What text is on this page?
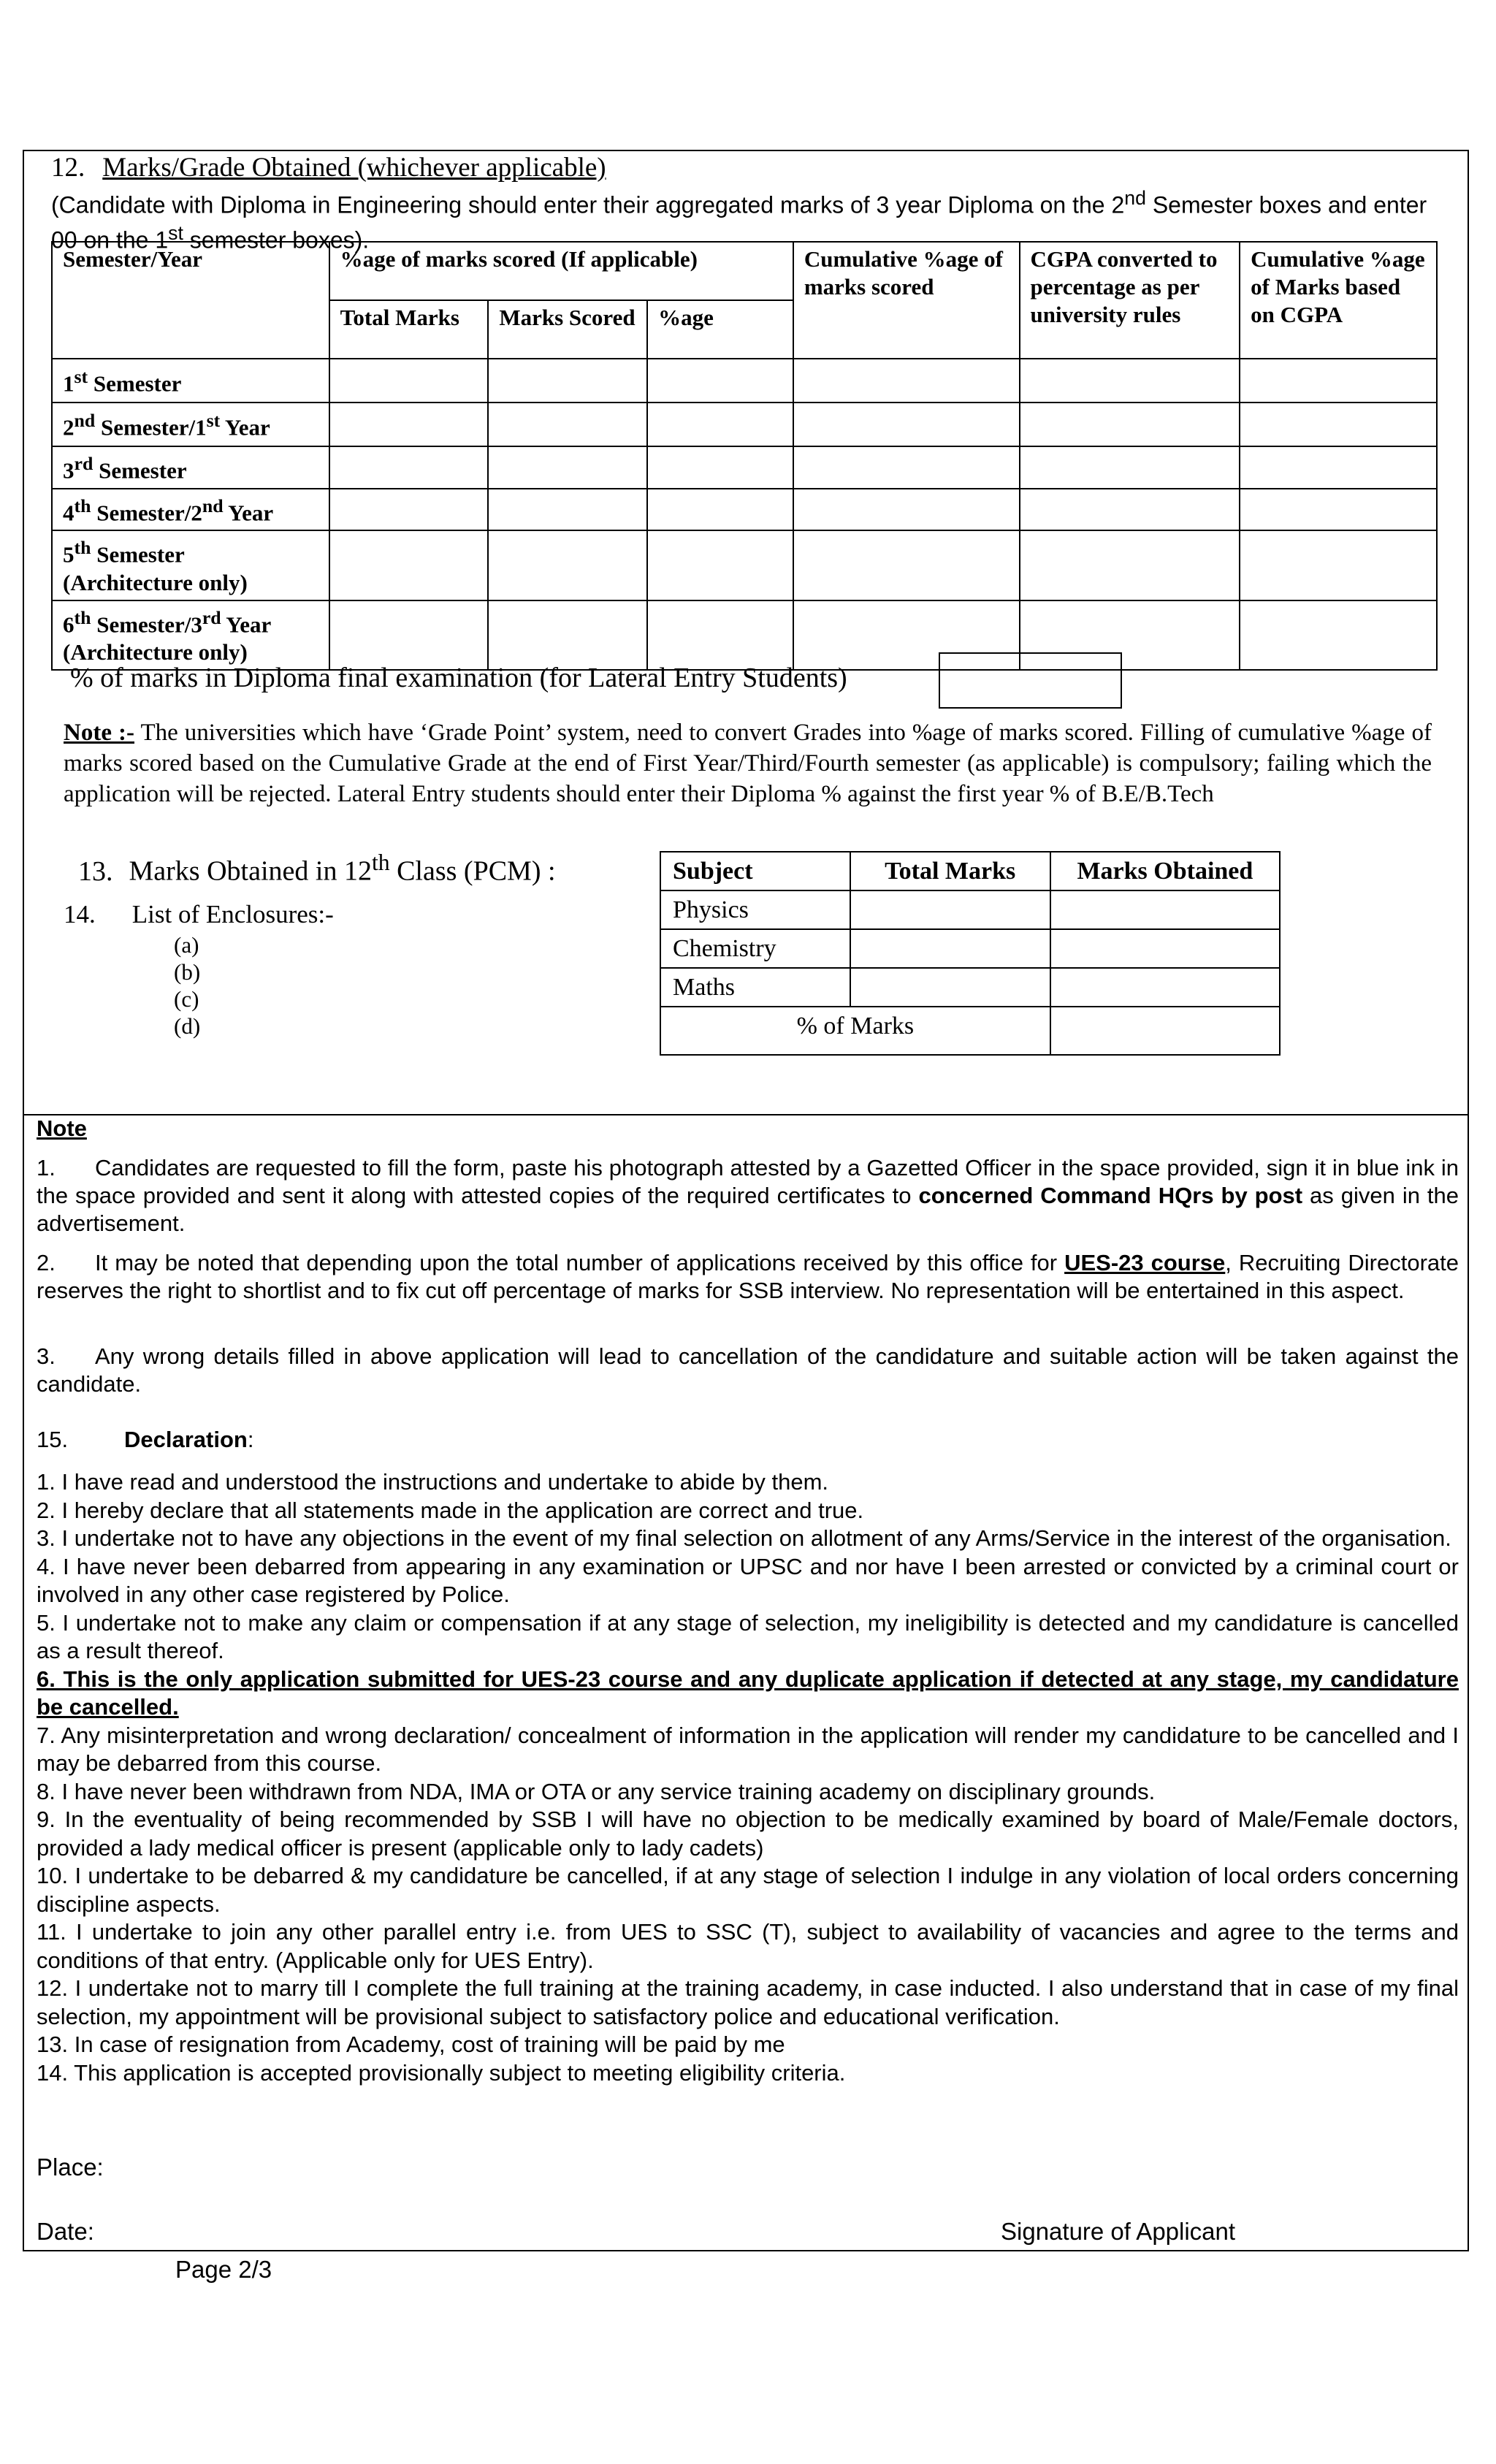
12. Marks/Grade Obtained (whichever applicable)
(Candidate with Diploma in Engineering should enter their aggregated marks of 3 year Diploma on the 2nd Semester boxes and enter 00 on the 1st semester boxes).
Semester/Year	%age of marks scored (If applicable)			Cumulative %age of marks scored	CGPA converted to percentage as per university rules	Cumulative %age of Marks based on CGPA
	Total Marks	Marks Scored	%age			
1st Semester						
2nd Semester/1st Year						
3rd Semester						
4th Semester/2nd Year						
5th Semester
(Architecture only)						
6th Semester/3rd Year
(Architecture only)						
% of marks in Diploma final examination (for Lateral Entry Students)
Note :- The universities which have ‘Grade Point’ system, need to convert Grades into %age of marks scored. Filling of cumulative %age of marks scored based on the Cumulative Grade at the end of First Year/Third/Fourth semester (as applicable) is compulsory; failing which the application will be rejected. Lateral Entry students should enter their Diploma % against the first year % of B.E/B.Tech
13. Marks Obtained in 12th Class (PCM) :
14. List of Enclosures:-
(a)
(b)
(c)
(d)
Subject	Total Marks	Marks Obtained
Physics		
Chemistry		
Maths		
% of Marks		
Note
1. Candidates are requested to fill the form, paste his photograph attested by a Gazetted Officer in the space provided, sign it in blue ink in the space provided and sent it along with attested copies of the required certificates to concerned Command HQrs by post as given in the advertisement.
2. It may be noted that depending upon the total number of applications received by this office for UES-23 course, Recruiting Directorate reserves the right to shortlist and to fix cut off percentage of marks for SSB interview. No representation will be entertained in this aspect.
3. Any wrong details filled in above application will lead to cancellation of the candidature and suitable action will be taken against the candidate.
15. Declaration:
1. I have read and understood the instructions and undertake to abide by them.
2. I hereby declare that all statements made in the application are correct and true.
3. I undertake not to have any objections in the event of my final selection on allotment of any Arms/Service in the interest of the organisation.
4. I have never been debarred from appearing in any examination or UPSC and nor have I been arrested or convicted by a criminal court or involved in any other case registered by Police.
5. I undertake not to make any claim or compensation if at any stage of selection, my ineligibility is detected and my candidature is cancelled as a result thereof.
6. This is the only application submitted for UES-23 course and any duplicate application if detected at any stage, my candidature be cancelled.
7. Any misinterpretation and wrong declaration/ concealment of information in the application will render my candidature to be cancelled and I may be debarred from this course.
8. I have never been withdrawn from NDA, IMA or OTA or any service training academy on disciplinary grounds.
9. In the eventuality of being recommended by SSB I will have no objection to be medically examined by board of Male/Female doctors, provided a lady medical officer is present (applicable only to lady cadets)
10. I undertake to be debarred & my candidature be cancelled, if at any stage of selection I indulge in any violation of local orders concerning discipline aspects.
11. I undertake to join any other parallel entry i.e. from UES to SSC (T), subject to availability of vacancies and agree to the terms and conditions of that entry. (Applicable only for UES Entry).
12. I undertake not to marry till I complete the full training at the training academy, in case inducted. I also understand that in case of my final selection, my appointment will be provisional subject to satisfactory police and educational verification.
13. In case of resignation from Academy, cost of training will be paid by me
14. This application is accepted provisionally subject to meeting eligibility criteria.
Place:
Date:	Signature of Applicant
Page 2/3
